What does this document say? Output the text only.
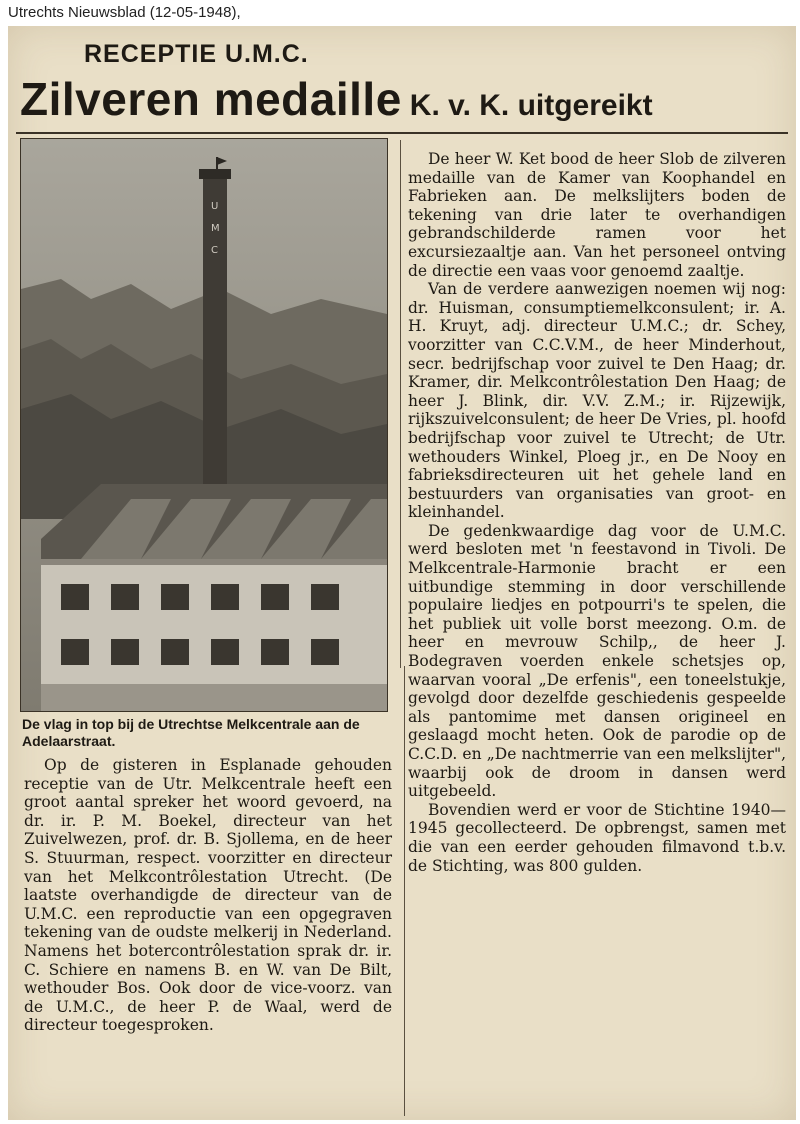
Utrechts Nieuwsblad (12-05-1948),
RECEPTIE U.M.C.
Zilveren medaille K. v. K. uitgereikt
U
M
C
De vlag in top bij de Utrechtse Melkcentrale aan de Adelaarstraat.

Op de gisteren in Esplanade gehouden receptie van de Utr. Melkcentrale heeft een groot aantal spreker het woord gevoerd, na dr. ir. P. M. Boekel, directeur van het Zuivelwezen, prof. dr. B. Sjollema, en de heer S. Stuurman, respect. voorzitter en directeur van het Melkcontrôlestation Utrecht. (De laatste overhandigde de directeur van de U.M.C. een reproductie van een opgegraven tekening van de oudste melkerij in Nederland. Namens het botercontrôlestation sprak dr. ir. C. Schiere en namens B. en W. van De Bilt, wethouder Bos. Ook door de vice-voorz. van de U.M.C., de heer P. de Waal, werd de directeur toegesproken.

De heer W. Ket bood de heer Slob de zilveren medaille van de Kamer van Koophandel en Fabrieken aan. De melkslijters boden de tekening van drie later te overhandigen gebrandschilderde ramen voor het excursiezaaltje aan. Van het personeel ontving de directie een vaas voor genoemd zaaltje.

Van de verdere aanwezigen noemen wij nog: dr. Huisman, consumptiemelkconsulent; ir. A. H. Kruyt, adj. directeur U.M.C.; dr. Schey, voorzitter van C.C.V.M., de heer Minderhout, secr. bedrijfschap voor zuivel te Den Haag; dr. Kramer, dir. Melkcontrôlestation Den Haag; de heer J. Blink, dir. V.V. Z.M.; ir. Rijzewijk, rijkszuivelconsulent; de heer De Vries, pl. hoofd bedrijfschap voor zuivel te Utrecht; de Utr. wethouders Winkel, Ploeg jr., en De Nooy en fabrieksdirecteuren uit het gehele land en bestuurders van organisaties van groot- en kleinhandel.

De gedenkwaardige dag voor de U.M.C. werd besloten met 'n feestavond in Tivoli. De Melkcentrale-Harmonie bracht er een uitbundige stemming in door verschillende populaire liedjes en potpourri's te spelen, die het publiek uit volle borst meezong. O.m. de heer en mevrouw Schilp,, de heer J. Bodegraven voerden enkele schetsjes op, waarvan vooral „De erfenis", een toneelstukje, gevolgd door dezelfde geschiedenis gespeelde als pantomime met dansen origineel en geslaagd mocht heten. Ook de parodie op de C.C.D. en „De nachtmerrie van een melkslijter", waarbij ook de droom in dansen werd uitgebeeld.

Bovendien werd er voor de Stichtine 1940—1945 gecollecteerd. De opbrengst, samen met die van een eerder gehouden filmavond t.b.v. de Stichting, was 800 gulden.
